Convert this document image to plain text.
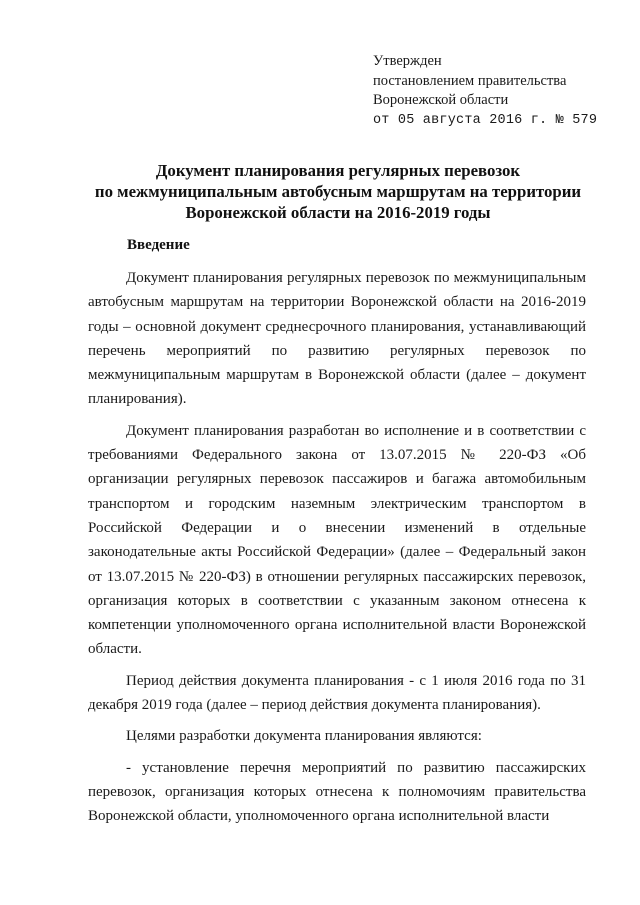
Утвержден
постановлением правительства
Воронежской области
от 05 августа 2016 г. № 579
Документ планирования регулярных перевозок
по межмуниципальным автобусным маршрутам на территории
Воронежской области на 2016-2019 годы
Введение

Документ планирования регулярных перевозок по межмуниципальным автобусным маршрутам на территории Воронежской области на 2016-2019 годы – основной документ среднесрочного планирования, устанавливающий перечень мероприятий по развитию регулярных перевозок по межмуниципальным маршрутам в Воронежской области (далее – документ планирования).

Документ планирования разработан во исполнение и в соответствии с требованиями Федерального закона от 13.07.2015 № 220-ФЗ «Об организации регулярных перевозок пассажиров и багажа автомобильным транспортом и городским наземным электрическим транспортом в Российской Федерации и о внесении изменений в отдельные законодательные акты Российской Федерации» (далее – Федеральный закон от 13.07.2015 № 220-ФЗ) в отношении регулярных пассажирских перевозок, организация которых в соответствии с указанным законом отнесена к компетенции уполномоченного органа исполнительной власти Воронежской области.

Период действия документа планирования - с 1 июля 2016 года по 31 декабря 2019 года (далее – период действия документа планирования).

Целями разработки документа планирования являются:

- установление перечня мероприятий по развитию пассажирских перевозок, организация которых отнесена к полномочиям правительства Воронежской области, уполномоченного органа исполнительной власти
